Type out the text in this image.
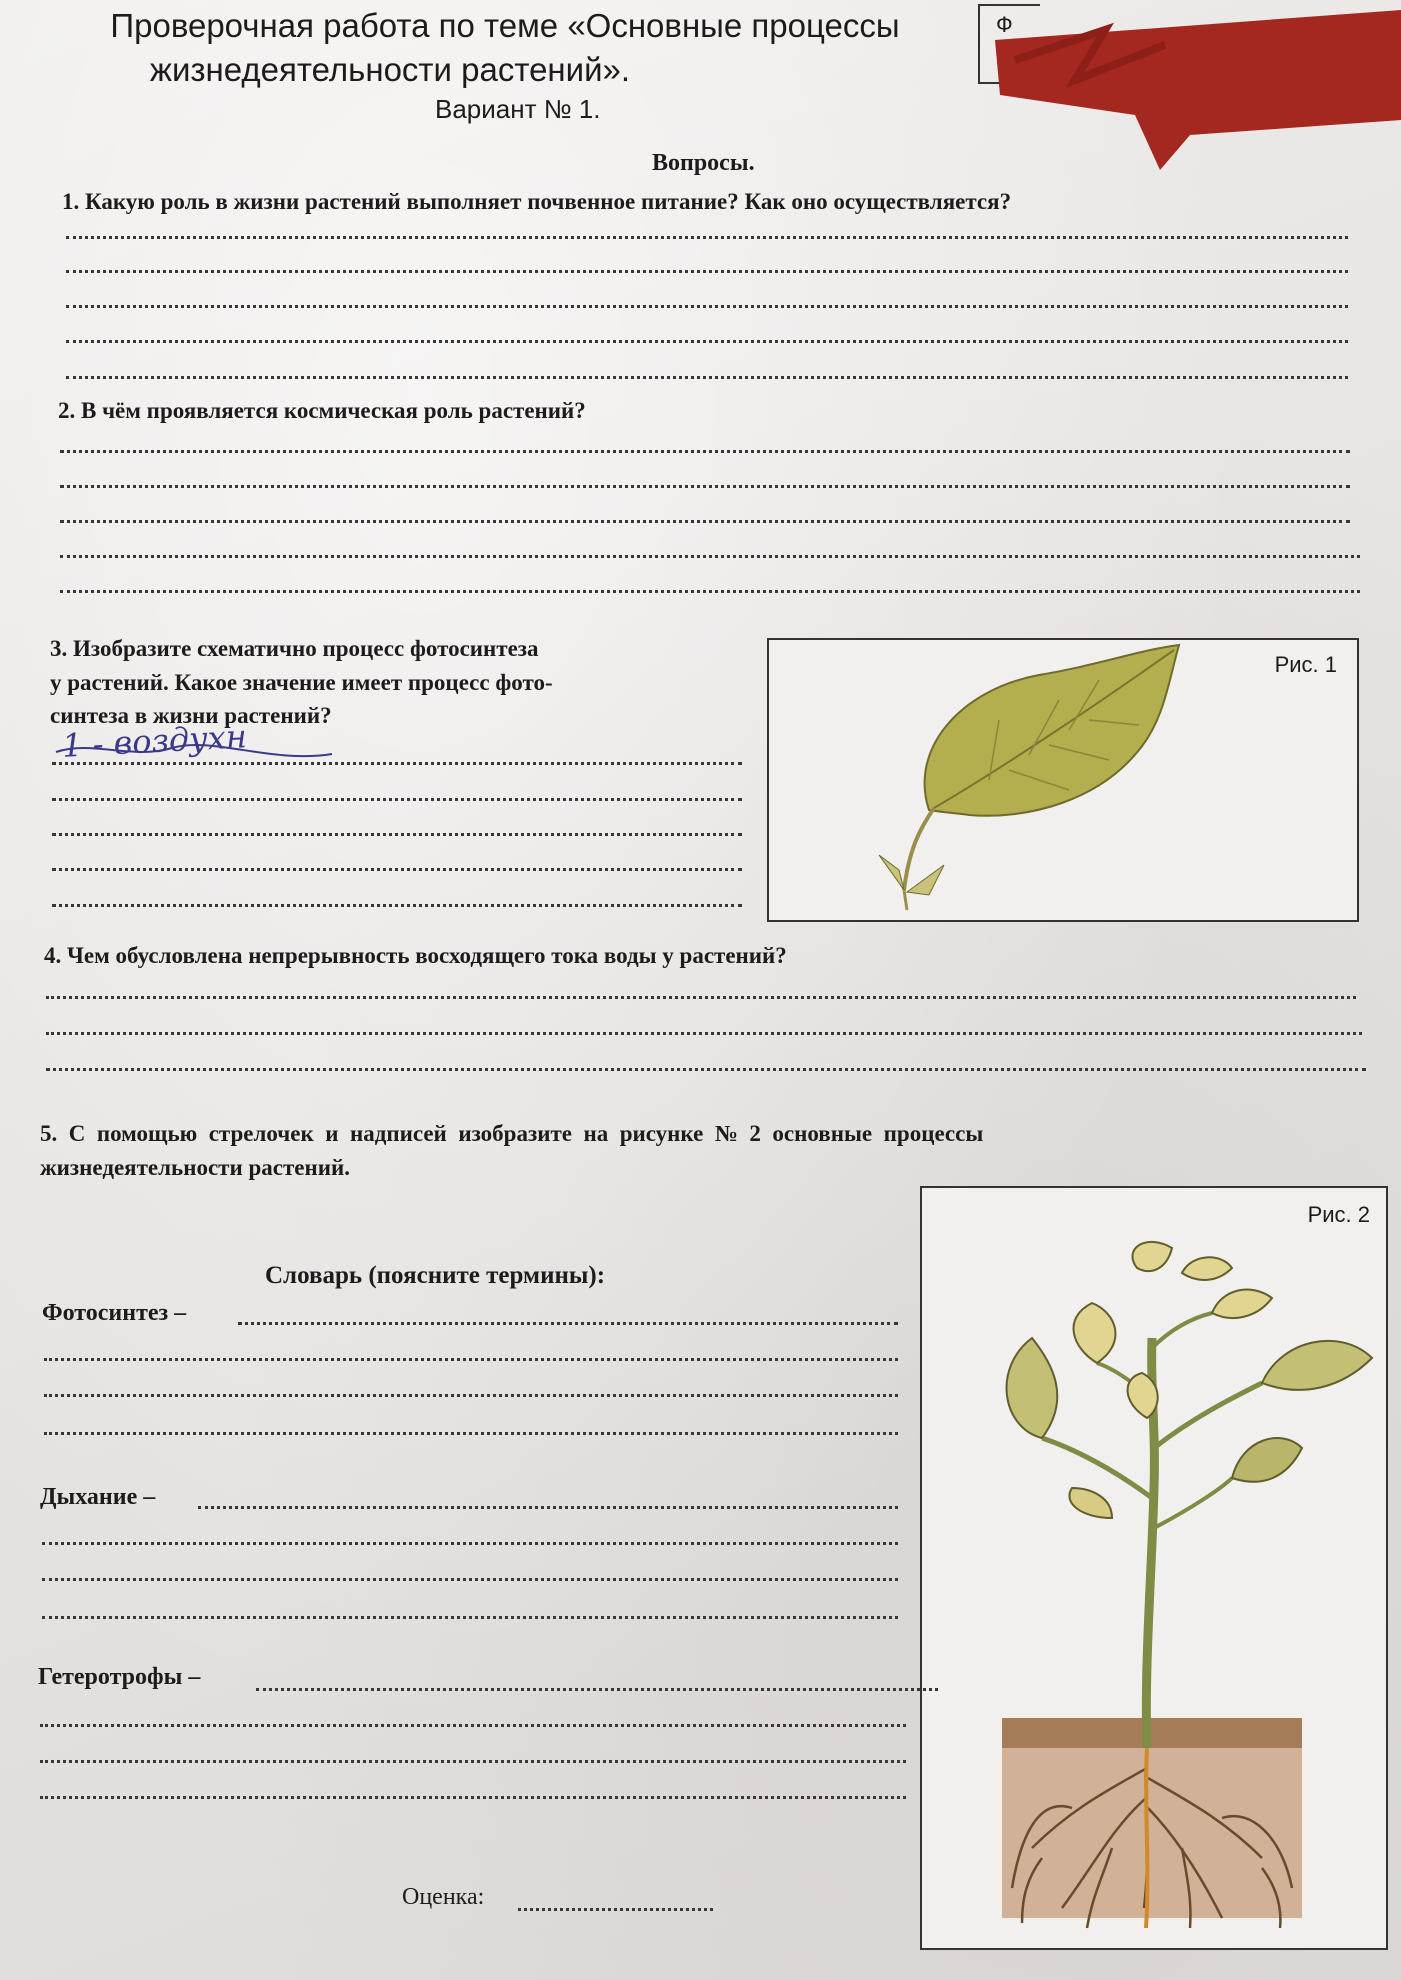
Проверочная работа по теме «Основные процессы
жизнедеятельности растений».
Вариант № 1.
Ф
Вопросы.
1. Какую роль в жизни растений выполняет почвенное питание? Как оно осуществляется?
2. В чём проявляется космическая роль растений?
3. Изобразите схематично процесс фотосинтеза
у растений. Какое значение имеет процесс фото-
синтеза в жизни растений?
1 - воздухн
Рис. 1
4. Чем обусловлена непрерывность восходящего тока воды у растений?
5.  С  помощью  стрелочек  и  надписей  изобразите  на  рисунке  №  2  основные  процессы
жизнедеятельности растений.
Рис. 2
Словарь (поясните термины):
Фотосинтез –
Дыхание –
Гетеротрофы –
Оценка:
